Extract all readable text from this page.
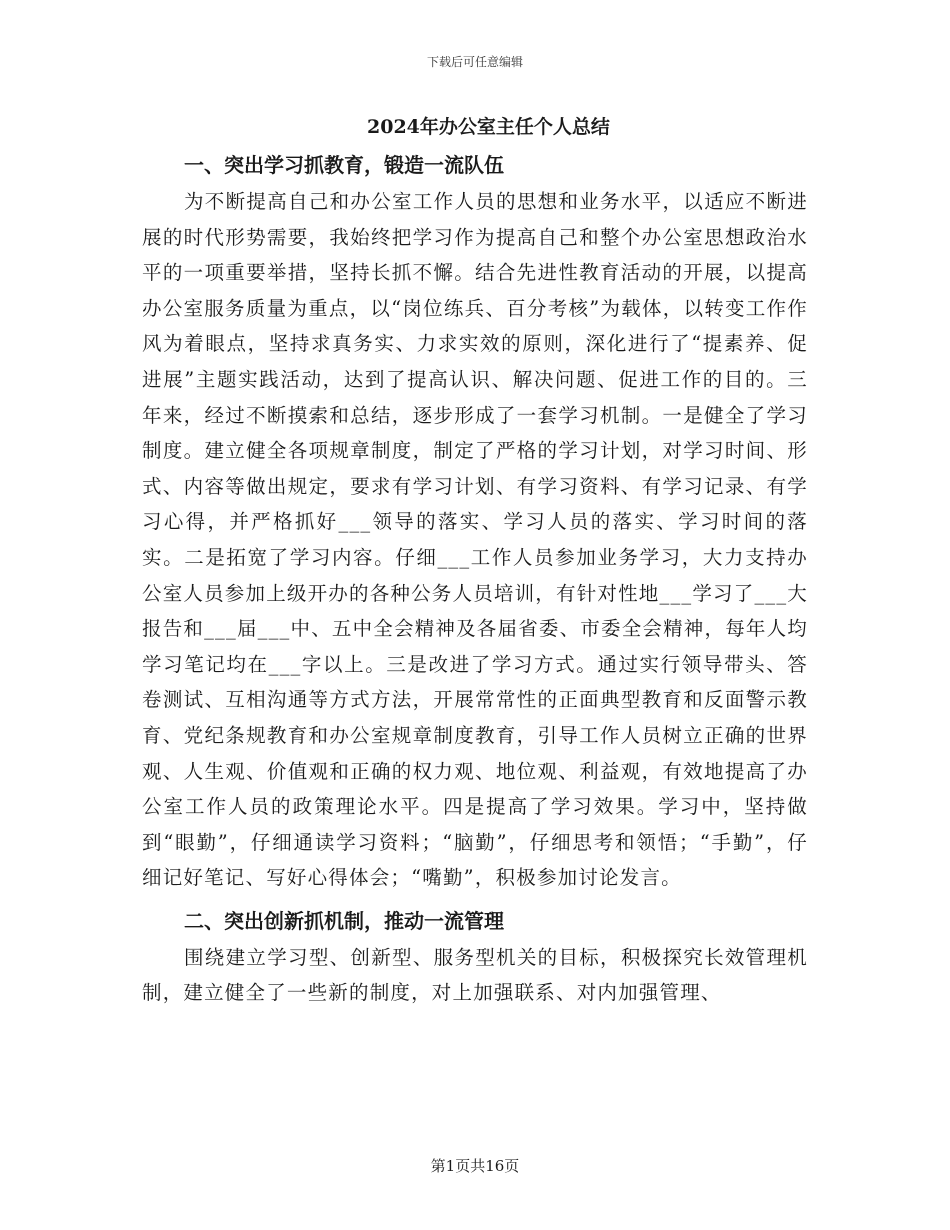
下载后可任意编辑
2024年办公室主任个人总结
一、突出学习抓教育，锻造一流队伍

为不断提高自己和办公室工作人员的思想和业务水平，以适应不断进展的时代形势需要，我始终把学习作为提高自己和整个办公室思想政治水平的一项重要举措，坚持长抓不懈。结合先进性教育活动的开展，以提高办公室服务质量为重点，以“岗位练兵、百分考核”为载体，以转变工作作风为着眼点，坚持求真务实、力求实效的原则，深化进行了“提素养、促进展”主题实践活动，达到了提高认识、解决问题、促进工作的目的。三年来，经过不断摸索和总结，逐步形成了一套学习机制。一是健全了学习制度。建立健全各项规章制度，制定了严格的学习计划，对学习时间、形式、内容等做出规定，要求有学习计划、有学习资料、有学习记录、有学习心得，并严格抓好___领导的落实、学习人员的落实、学习时间的落实。二是拓宽了学习内容。仔细___工作人员参加业务学习，大力支持办公室人员参加上级开办的各种公务人员培训，有针对性地___学习了___大报告和___届___中、五中全会精神及各届省委、市委全会精神，每年人均学习笔记均在___字以上。三是改进了学习方式。通过实行领导带头、答卷测试、互相沟通等方式方法，开展常常性的正面典型教育和反面警示教育、党纪条规教育和办公室规章制度教育，引导工作人员树立正确的世界观、人生观、价值观和正确的权力观、地位观、利益观，有效地提高了办公室工作人员的政策理论水平。四是提高了学习效果。学习中，坚持做到“眼勤”，仔细通读学习资料；“脑勤”，仔细思考和领悟；“手勤”，仔细记好笔记、写好心得体会；“嘴勤”，积极参加讨论发言。

二、突出创新抓机制，推动一流管理

围绕建立学习型、创新型、服务型机关的目标，积极探究长效管理机制，建立健全了一些新的制度，对上加强联系、对内加强管理、

第1页共16页
